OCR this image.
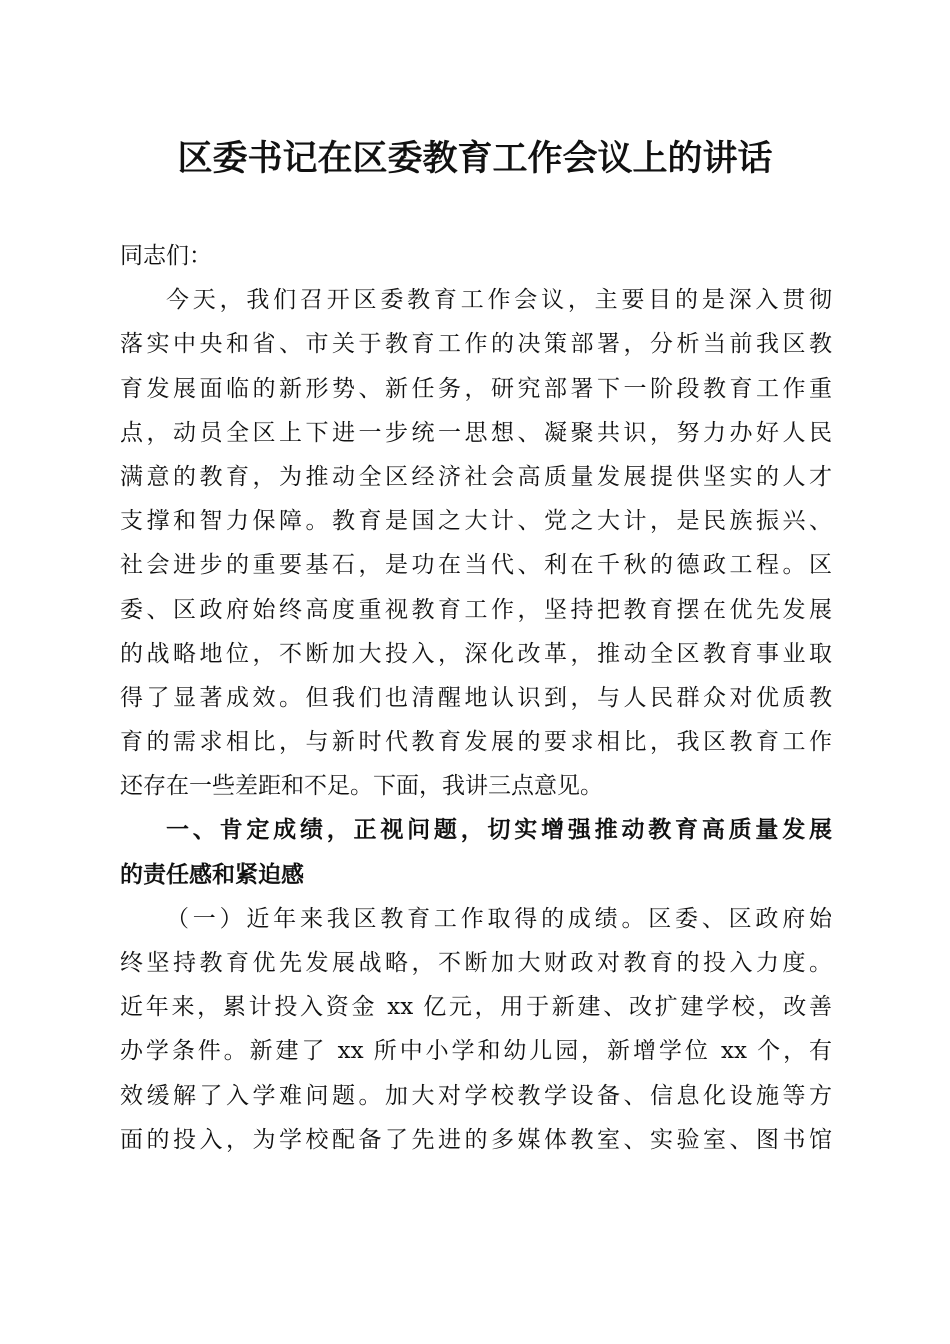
区委书记在区委教育工作会议上的讲话
同志们：
今天，我们召开区委教育工作会议，主要目的是深入贯彻
落实中央和省、市关于教育工作的决策部署，分析当前我区教
育发展面临的新形势、新任务，研究部署下一阶段教育工作重
点，动员全区上下进一步统一思想、凝聚共识，努力办好人民
满意的教育，为推动全区经济社会高质量发展提供坚实的人才
支撑和智力保障。教育是国之大计、党之大计，是民族振兴、
社会进步的重要基石，是功在当代、利在千秋的德政工程。区
委、区政府始终高度重视教育工作，坚持把教育摆在优先发展
的战略地位，不断加大投入，深化改革，推动全区教育事业取
得了显著成效。但我们也清醒地认识到，与人民群众对优质教
育的需求相比，与新时代教育发展的要求相比，我区教育工作
还存在一些差距和不足。下面，我讲三点意见。
一、肯定成绩，正视问题，切实增强推动教育高质量发展
的责任感和紧迫感
（一）近年来我区教育工作取得的成绩。区委、区政府始
终坚持教育优先发展战略，不断加大财政对教育的投入力度。
近年来，累计投入资金 xx 亿元，用于新建、改扩建学校，改善
办学条件。新建了 xx 所中小学和幼儿园，新增学位 xx 个，有
效缓解了入学难问题。加大对学校教学设备、信息化设施等方
面的投入，为学校配备了先进的多媒体教室、实验室、图书馆
